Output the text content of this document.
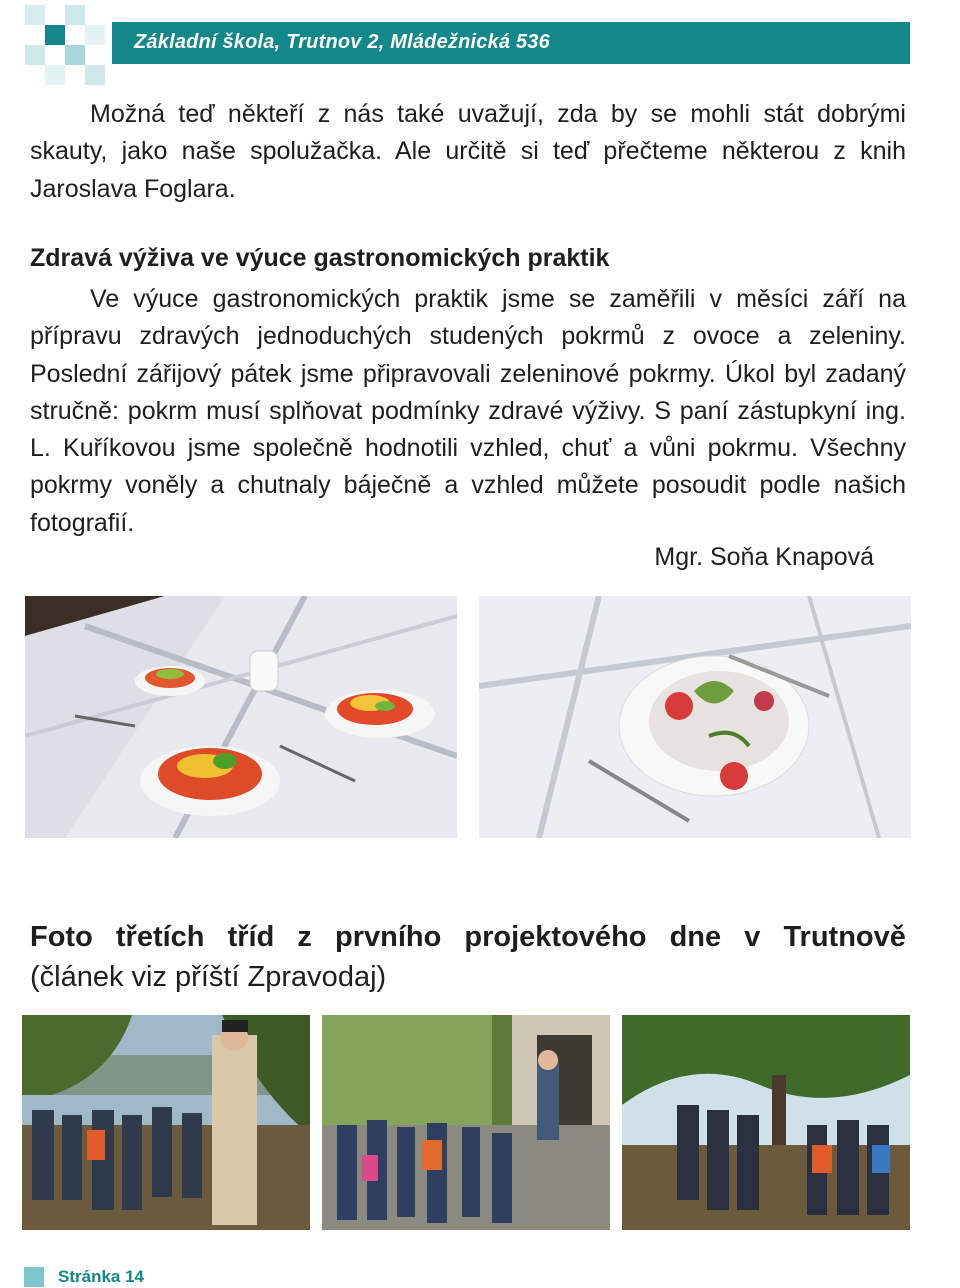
Základní škola, Trutnov 2, Mládežnická 536

Možná teď někteří z nás také uvažují, zda by se mohli stát dobrými skauty, jako naše spolužačka. Ale určitě si teď přečteme některou z knih Jaroslava Foglara.

Zdravá výživa ve výuce gastronomických praktik

Ve výuce gastronomických praktik jsme se zaměřili v měsíci září na přípravu zdravých jednoduchých studených pokrmů z ovoce a zeleniny. Poslední zářijový pátek jsme připravovali zeleninové pokrmy. Úkol byl zadaný stručně: pokrm musí splňovat podmínky zdravé výživy. S paní zástupkyní ing. L. Kuříkovou jsme společně hodnotili vzhled, chuť a vůni pokrmu. Všechny pokrmy voněly a chutnaly báječně a vzhled můžete posoudit podle našich fotografií.

Mgr. Soňa Knapová
Foto třetích tříd z prvního projektového dne v Trutnově
(článek viz příští Zpravodaj)
Stránka 14
